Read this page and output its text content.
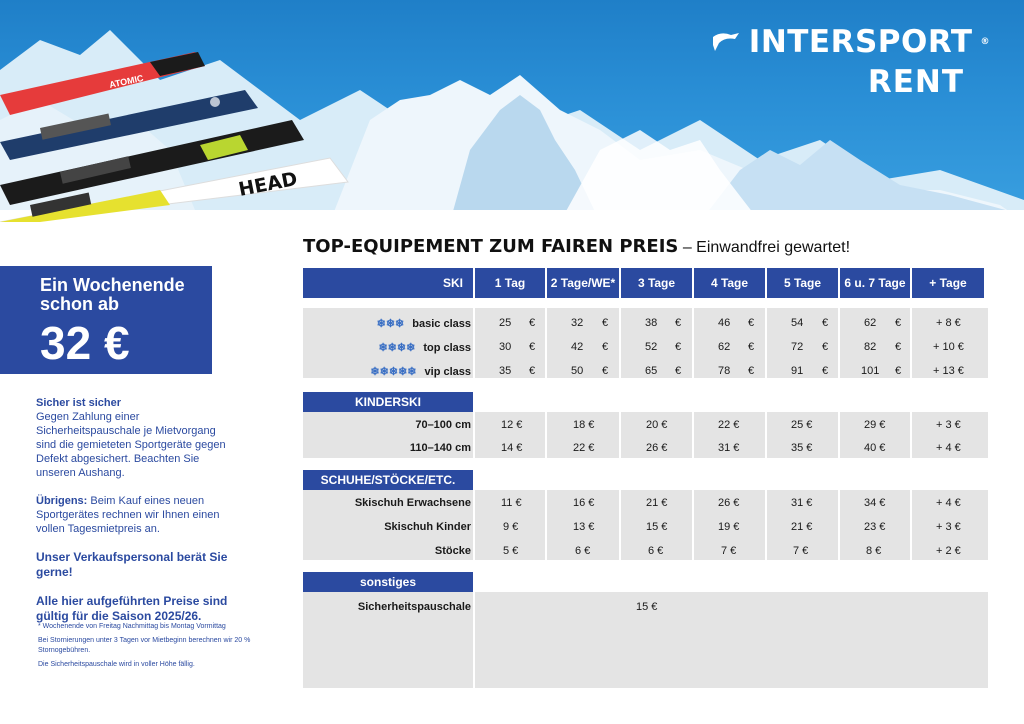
ATOMIC
HEAD
INTERSPORT ®
RENT
TOP-EQUIPEMENT ZUM FAIREN PREIS – Einwandfrei gewartet!
Ein Wochenende
schon ab
32 €

Sicher ist sicher
Gegen Zahlung einer Sicherheitspauschale je Mietvorgang sind die gemieteten Sportgeräte gegen Defekt abgesichert. Beachten Sie unseren Aushang.

Übrigens: Beim Kauf eines neuen Sportgerätes rechnen wir Ihnen einen vollen Tagesmietpreis an.

Unser Verkaufspersonal berät Sie gerne!

Alle hier aufgeführten Preise sind gültig für die Saison 2025/26.

* Wochenende von Freitag Nachmittag bis Montag Vormittag

Bei Stornierungen unter 3 Tagen vor Mietbeginn berechnen wir 20 % Stornogebühren.

Die Sicherheitspauschale wird in voller Höhe fällig.

SKI	1 Tag	2 Tage/WE*	3 Tage	4 Tage	5 Tage	6 u. 7 Tage	+ Tage
KINDERSKI
SCHUHE/STÖCKE/ETC.
sonstiges
❄❄❄ basic class	25 €	32 €	38 €	46 €	54 €	62 €	+ 8 €
❄❄❄❄ top class	30 €	42 €	52 €	62 €	72 €	82 €	+ 10 €
❄❄❄❄❄ vip class	35 €	50 €	65 €	78 €	91 €	101 €	+ 13 €
70–100 cm	12 €	18 €	20 €	22 €	25 €	29 €	+ 3 €
110–140 cm	14 €	22 €	26 €	31 €	35 €	40 €	+ 4 €
Skischuh Erwachsene	11 €	16 €	21 €	26 €	31 €	34 €	+ 4 €
Skischuh Kinder	9 €	13 €	15 €	19 €	21 €	23 €	+ 3 €
Stöcke	5 €	6 €	6 €	7 €	7 €	8 €	+ 2 €
Sicherheitspauschale	15 €
